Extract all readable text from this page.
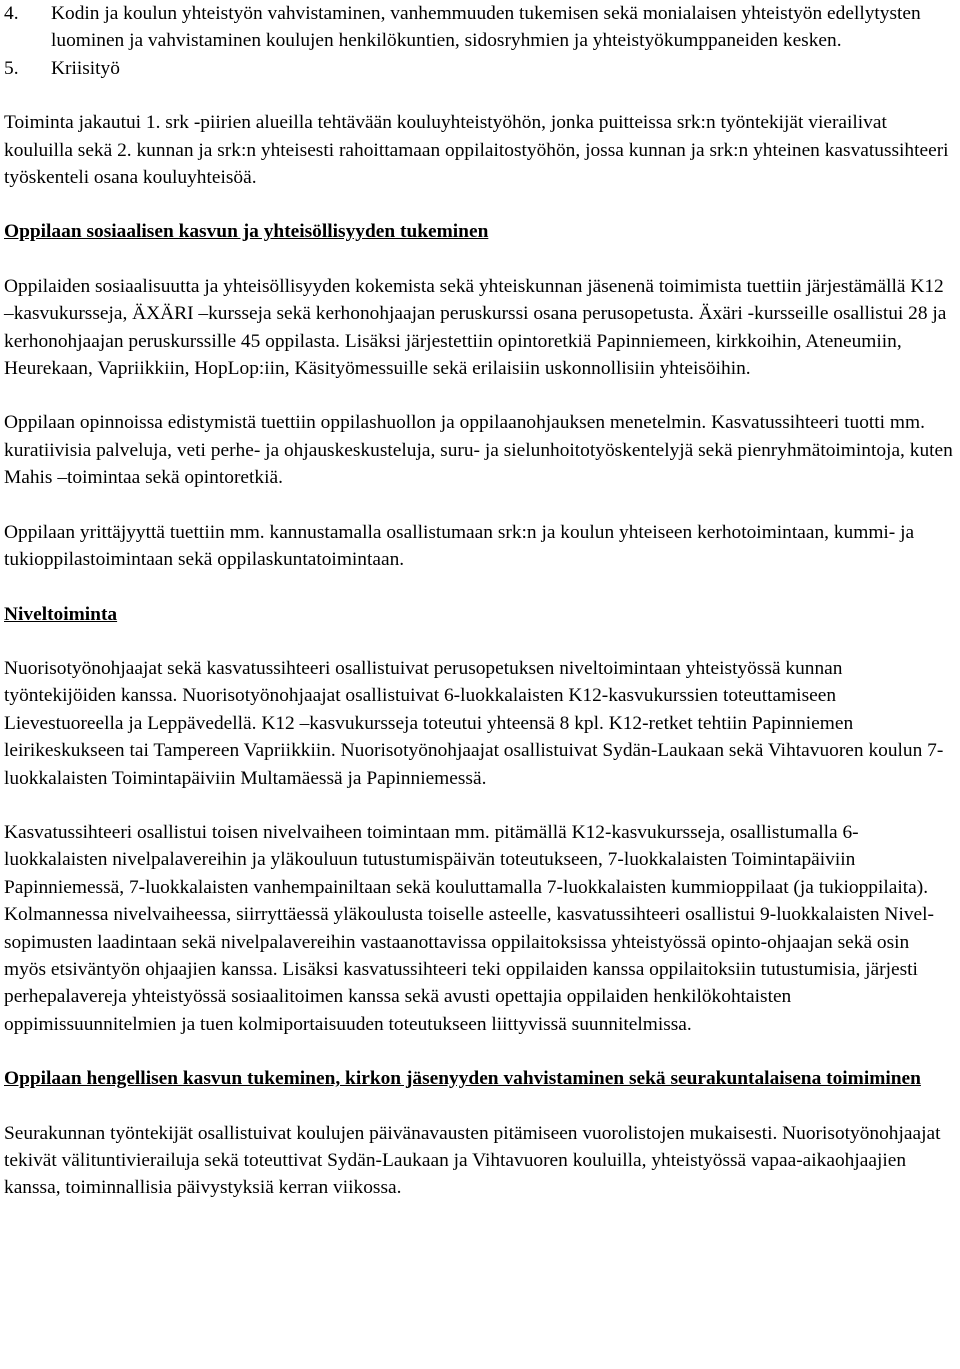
4.	Kodin ja koulun yhteistyön vahvistaminen, vanhemmuuden tukemisen sekä monialaisen yhteistyön edellytysten luominen ja vahvistaminen koulujen henkilökuntien, sidosryhmien ja yhteistyökumppaneiden kesken.
5.	Kriisityö

Toiminta jakautui 1. srk -piirien alueilla tehtävään kouluyhteistyöhön, jonka puitteissa srk:n työntekijät vierailivat kouluilla sekä 2. kunnan ja srk:n yhteisesti rahoittamaan oppilaitostyöhön, jossa kunnan ja srk:n yhteinen kasvatussihteeri työskenteli osana kouluyhteisöä.

Oppilaan sosiaalisen kasvun ja yhteisöllisyyden tukeminen

Oppilaiden sosiaalisuutta ja yhteisöllisyyden kokemista sekä yhteiskunnan jäsenenä toimimista tuettiin järjestämällä K12 –kasvukursseja, ÄXÄRI –kursseja sekä kerhonohjaajan peruskurssi osana perusopetusta. Äxäri -kursseille osallistui 28 ja kerhonohjaajan peruskurssille 45 oppilasta. Lisäksi järjestettiin opintoretkiä Papinniemeen, kirkkoihin, Ateneumiin, Heurekaan, Vapriikkiin, HopLop:iin, Käsityömessuille sekä erilaisiin uskonnollisiin yhteisöihin.

Oppilaan opinnoissa edistymistä tuettiin oppilashuollon ja oppilaanohjauksen menetelmin. Kasvatussihteeri tuotti mm. kuratiivisia palveluja, veti perhe- ja ohjauskeskusteluja, suru- ja sielunhoitotyöskentelyjä sekä pienryhmätoimintoja, kuten Mahis –toimintaa sekä opintoretkiä.

Oppilaan yrittäjyyttä tuettiin mm. kannustamalla osallistumaan srk:n ja koulun yhteiseen kerhotoimintaan, kummi- ja tukioppilastoimintaan sekä oppilaskuntatoimintaan.

Niveltoiminta

Nuorisotyönohjaajat sekä kasvatussihteeri osallistuivat perusopetuksen niveltoimintaan yhteistyössä kunnan työntekijöiden kanssa. Nuorisotyönohjaajat osallistuivat 6-luokkalaisten K12-kasvukurssien toteuttamiseen Lievestuoreella ja Leppävedellä. K12 –kasvukursseja toteutui yhteensä 8 kpl. K12-retket tehtiin Papinniemen leirikeskukseen tai Tampereen Vapriikkiin. Nuorisotyönohjaajat osallistuivat Sydän-Laukaan sekä Vihtavuoren koulun 7-luokkalaisten Toimintapäiviin Multamäessä ja Papinniemessä.

Kasvatussihteeri osallistui toisen nivelvaiheen toimintaan mm. pitämällä K12-kasvukursseja, osallistumalla 6-luokkalaisten nivelpalavereihin ja yläkouluun tutustumispäivän toteutukseen, 7-luokkalaisten Toimintapäiviin Papinniemessä, 7-luokkalaisten vanhempainiltaan sekä kouluttamalla 7-luokkalaisten kummioppilaat (ja tukioppilaita). Kolmannessa nivelvaiheessa, siirryttäessä yläkoulusta toiselle asteelle, kasvatussihteeri osallistui 9-luokkalaisten Nivel-sopimusten laadintaan sekä nivelpalavereihin vastaanottavissa oppilaitoksissa yhteistyössä opinto-ohjaajan sekä osin myös etsiväntyön ohjaajien kanssa. Lisäksi kasvatussihteeri teki oppilaiden kanssa oppilaitoksiin tutustumisia, järjesti perhepalavereja yhteistyössä sosiaalitoimen kanssa sekä avusti opettajia oppilaiden henkilökohtaisten oppimissuunnitelmien ja tuen kolmiportaisuuden toteutukseen liittyvissä suunnitelmissa.

Oppilaan hengellisen kasvun tukeminen, kirkon jäsenyyden vahvistaminen sekä seurakuntalaisena toimiminen

Seurakunnan työntekijät osallistuivat koulujen päivänavausten pitämiseen vuorolistojen mukaisesti. Nuorisotyönohjaajat tekivät välituntivierailuja sekä toteuttivat Sydän-Laukaan ja Vihtavuoren kouluilla, yhteistyössä vapaa-aikaohjaajien kanssa, toiminnallisia päivystyksiä kerran viikossa.
